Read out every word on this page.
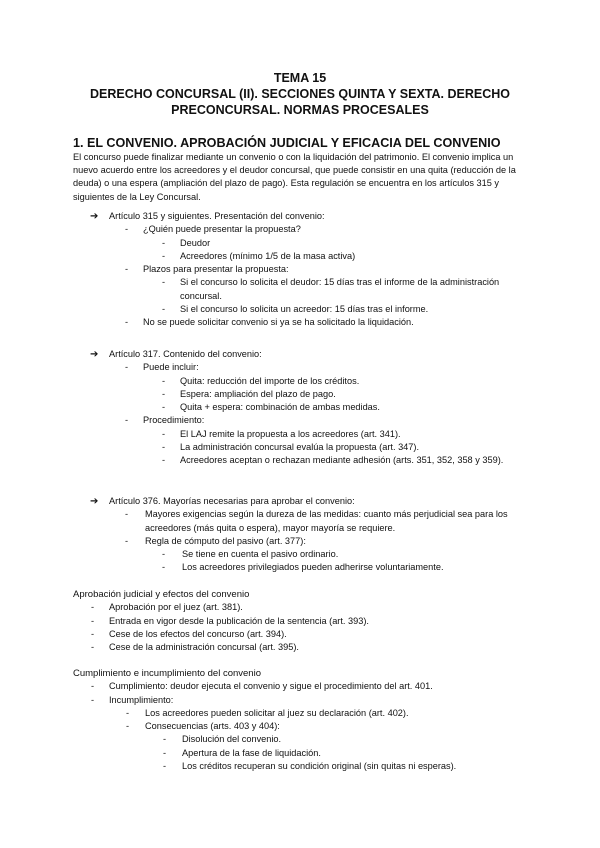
TEMA 15
DERECHO CONCURSAL (II). SECCIONES QUINTA Y SEXTA. DERECHO
PRECONCURSAL. NORMAS PROCESALES
1. EL CONVENIO. APROBACIÓN JUDICIAL Y EFICACIA DEL CONVENIO
El concurso puede finalizar mediante un convenio o con la liquidación del patrimonio. El convenio implica un nuevo acuerdo entre los acreedores y el deudor concursal, que puede consistir en una quita (reducción de la deuda) o una espera (ampliación del plazo de pago). Esta regulación se encuentra en los artículos 315 y siguientes de la Ley Concursal.
➔ Artículo 315 y siguientes. Presentación del convenio:
- ¿Quién puede presentar la propuesta?
- Deudor
- Acreedores (mínimo 1/5 de la masa activa)
- Plazos para presentar la propuesta:
- Si el concurso lo solicita el deudor: 15 días tras el informe de la administración concursal.
- Si el concurso lo solicita un acreedor: 15 días tras el informe.
- No se puede solicitar convenio si ya se ha solicitado la liquidación.
➔ Artículo 317. Contenido del convenio:
- Puede incluir:
- Quita: reducción del importe de los créditos.
- Espera: ampliación del plazo de pago.
- Quita + espera: combinación de ambas medidas.
- Procedimiento:
- El LAJ remite la propuesta a los acreedores (art. 341).
- La administración concursal evalúa la propuesta (art. 347).
- Acreedores aceptan o rechazan mediante adhesión (arts. 351, 352, 358 y 359).
➔ Artículo 376. Mayorías necesarias para aprobar el convenio:
- Mayores exigencias según la dureza de las medidas: cuanto más perjudicial sea para los acreedores (más quita o espera), mayor mayoría se requiere.
- Regla de cómputo del pasivo (art. 377):
- Se tiene en cuenta el pasivo ordinario.
- Los acreedores privilegiados pueden adherirse voluntariamente.
Aprobación judicial y efectos del convenio
- Aprobación por el juez (art. 381).
- Entrada en vigor desde la publicación de la sentencia (art. 393).
- Cese de los efectos del concurso (art. 394).
- Cese de la administración concursal (art. 395).
Cumplimiento e incumplimiento del convenio
- Cumplimiento: deudor ejecuta el convenio y sigue el procedimiento del art. 401.
- Incumplimiento:
- Los acreedores pueden solicitar al juez su declaración (art. 402).
- Consecuencias (arts. 403 y 404):
- Disolución del convenio.
- Apertura de la fase de liquidación.
- Los créditos recuperan su condición original (sin quitas ni esperas).
